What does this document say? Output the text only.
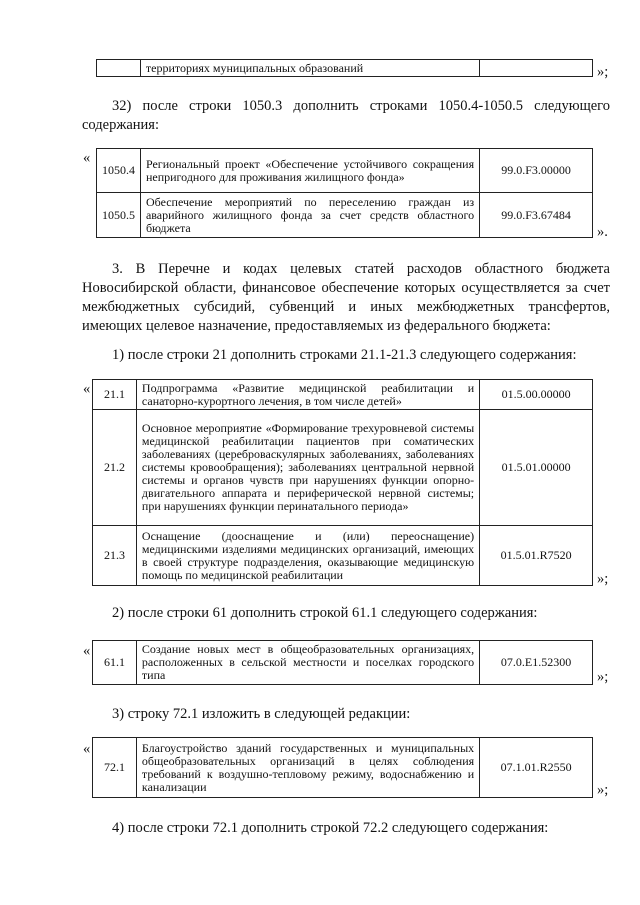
	территориях муниципальных образований		»;

32) после строки 1050.3 дополнить строками 1050.4-1050.5 следующего содержания:

«
1050.4	Региональный проект «Обеспечение устойчивого сокращения непригодного для проживания жилищного фонда»	99.0.F3.00000
1050.5	Обеспечение мероприятий по переселению граждан из аварийного жилищного фонда за счет средств областного бюджета	99.0.F3.67484
».

3. В Перечне и кодах целевых статей расходов областного бюджета Новосибирской области, финансовое обеспечение которых осуществляется за счет межбюджетных субсидий, субвенций и иных межбюджетных трансфертов, имеющих целевое назначение, предоставляемых из федерального бюджета:

1) после строки 21 дополнить строками 21.1-21.3 следующего содержания:

« 21.1	Подпрограмма «Развитие медицинской реабилитации и санаторно-курортного лечения, в том числе детей»	01.5.00.00000
21.2	Основное мероприятие «Формирование трехуровневой системы медицинской реабилитации пациентов при соматических заболеваниях (цереброваскулярных заболеваниях, заболеваниях системы кровообращения); заболеваниях центральной нервной системы и органов чувств при нарушениях функции опорно-двигательного аппарата и периферической нервной системы; при нарушениях функции перинатального периода»	01.5.01.00000
21.3	Оснащение (дооснащение и (или) переоснащение) медицинскими изделиями медицинских организаций, имеющих в своей структуре подразделения, оказывающие медицинскую помощь по медицинской реабилитации	01.5.01.R7520
»;

2) после строки 61 дополнить строкой 61.1 следующего содержания:

«
61.1	Создание новых мест в общеобразовательных организациях, расположенных в сельской местности и поселках городского типа	07.0.E1.52300
»;

3) строку 72.1 изложить в следующей редакции:

«
72.1	Благоустройство зданий государственных и муниципальных общеобразовательных организаций в целях соблюдения требований к воздушно-тепловому режиму, водоснабжению и канализации	07.1.01.R2550
»;

4) после строки 72.1 дополнить строкой 72.2 следующего содержания:
